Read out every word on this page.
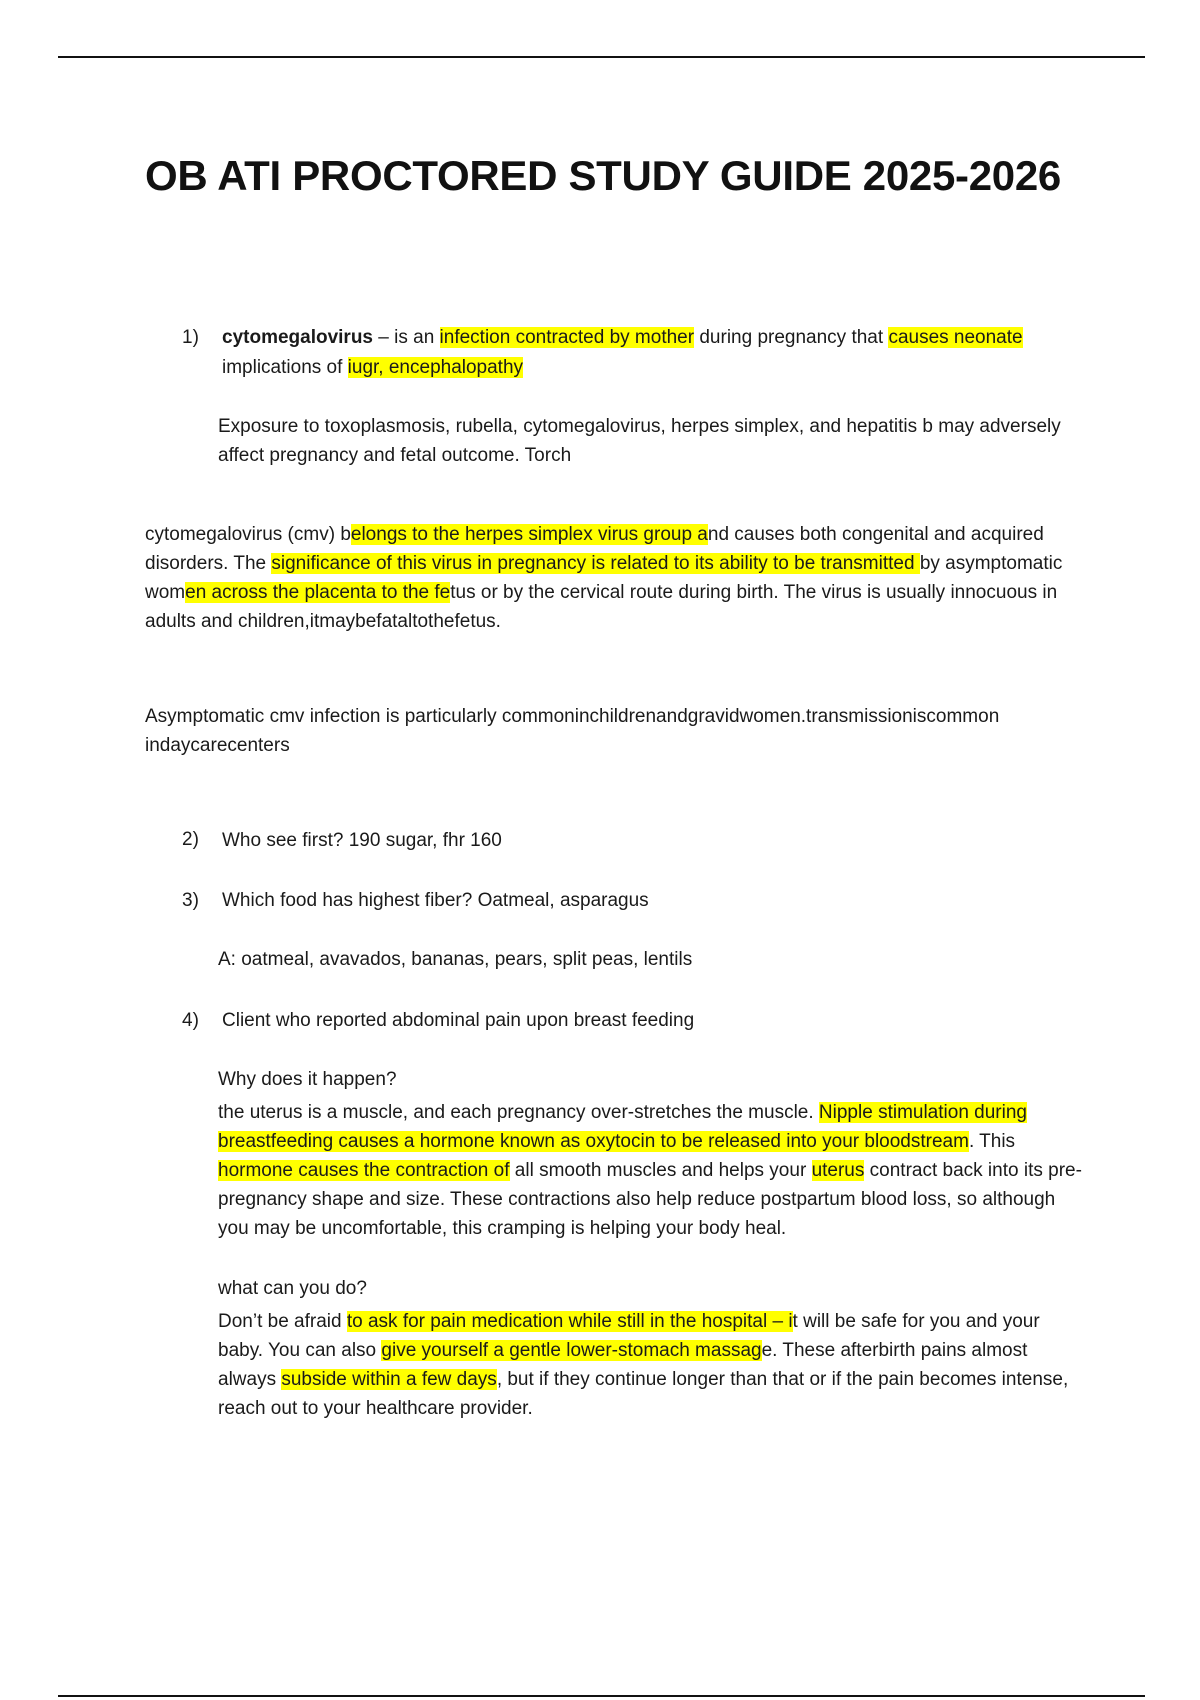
OB ATI PROCTORED STUDY GUIDE 2025-2026
1) cytomegalovirus – is an infection contracted by mother during pregnancy that causes neonate
implications of iugr, encephalopathy

Exposure to toxoplasmosis, rubella, cytomegalovirus, herpes simplex, and hepatitis b may adversely affect pregnancy and fetal outcome. Torch

cytomegalovirus (cmv) belongs to the herpes simplex virus group and causes both congenital and acquired disorders. The significance of this virus in pregnancy is related to its ability to be transmitted by asymptomatic women across the placenta to the fetus or by the cervical route during birth. The virus is usually innocuous in adults and children,itmaybefataltothefetus.

Asymptomatic cmv infection is particularly commoninchildrenandgravidwomen.transmissioniscommon
indaycarecenters
2) Who see first? 190 sugar, fhr 160
3) Which food has highest fiber? Oatmeal, asparagus
A: oatmeal, avavados, bananas, pears, split peas, lentils
4) Client who reported abdominal pain upon breast feeding
Why does it happen?

the uterus is a muscle, and each pregnancy over-stretches the muscle. Nipple stimulation during breastfeeding causes a hormone known as oxytocin to be released into your bloodstream. This hormone causes the contraction of all smooth muscles and helps your uterus contract back into its pre-pregnancy shape and size. These contractions also help reduce postpartum blood loss, so although you may be uncomfortable, this cramping is helping your body heal.

what can you do?

Don’t be afraid to ask for pain medication while still in the hospital – it will be safe for you and your baby. You can also give yourself a gentle lower-stomach massage. These afterbirth pains almost always subside within a few days, but if they continue longer than that or if the pain becomes intense, reach out to your healthcare provider.
